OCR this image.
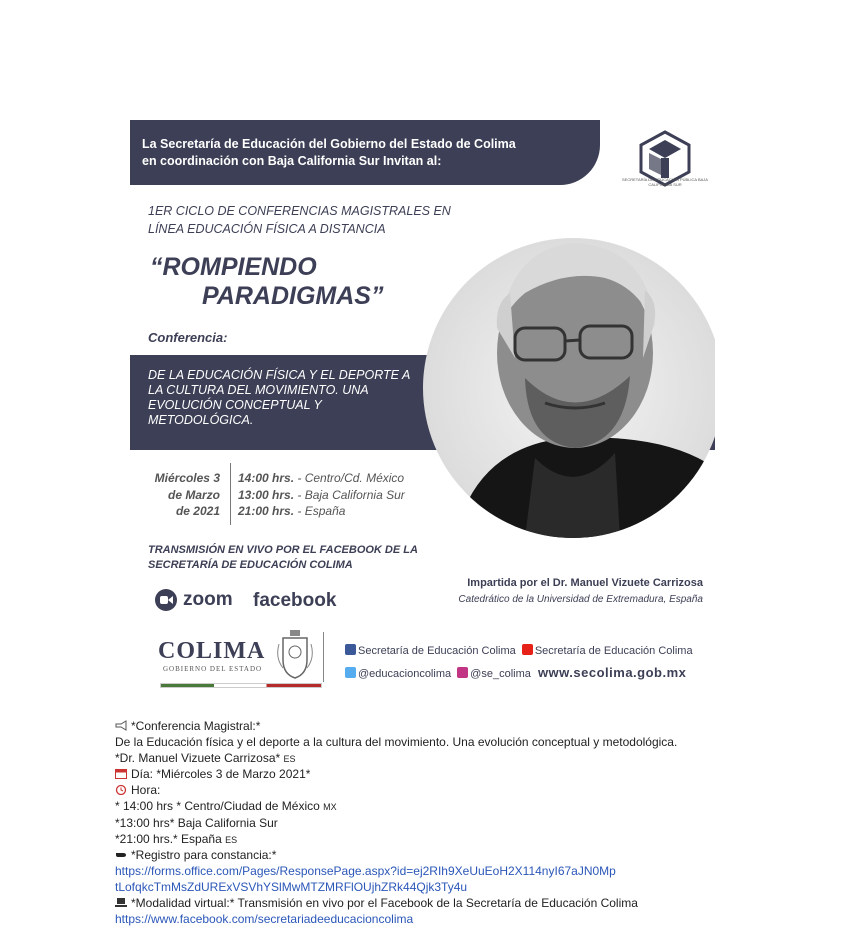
La Secretaría de Educación del Gobierno del Estado de Colima
en coordinación con Baja California Sur Invitan al:
SECRETARÍA DE EDUCACIÓN PÚBLICA BAJA CALIFORNIA SUR
1ER CICLO DE CONFERENCIAS MAGISTRALES EN
LÍNEA EDUCACIÓN FÍSICA A DISTANCIA
“ROMPIENDO
PARADIGMAS”
Conferencia:
DE LA EDUCACIÓN FÍSICA Y EL DEPORTE A LA CULTURA DEL MOVIMIENTO. UNA EVOLUCIÓN CONCEPTUAL Y METODOLÓGICA.
Miércoles 3
de Marzo
de 2021
14:00 hrs. - Centro/Cd. México
13:00 hrs. - Baja California Sur
21:00 hrs. - España
TRANSMISIÓN EN VIVO POR EL FACEBOOK DE LA
SECRETARÍA DE EDUCACIÓN COLIMA
zoom facebook
Impartida por el Dr. Manuel Vizuete Carrizosa
Catedrático de la Universidad de Extremadura, España
COLIMA
GOBIERNO DEL ESTADO
Secretaría de Educación Colima Secretaría de Educación Colima
@educacioncolima @se_colima www.secolima.gob.mx
*Conferencia Magistral:*
De la Educación física y el deporte a la cultura del movimiento. Una evolución conceptual y metodológica.
*Dr. Manuel Vizuete Carrizosa* ES
Día: *Miércoles 3 de Marzo 2021*
Hora:
* 14:00 hrs * Centro/Ciudad de México MX
*13:00 hrs* Baja California Sur
*21:00 hrs.* España ES
*Registro para constancia:*
https://forms.office.com/Pages/ResponsePage.aspx?id=ej2RIh9XeUuEoH2X114nyI67aJN0Mp
tLofqkcTmMsZdURExVSVhYSlMwMTZMRFlOUjhZRk44Qjk3Ty4u
*Modalidad virtual:* Transmisión en vivo por el Facebook de la Secretaría de Educación Colima
https://www.facebook.com/secretariadeeducacioncolima
